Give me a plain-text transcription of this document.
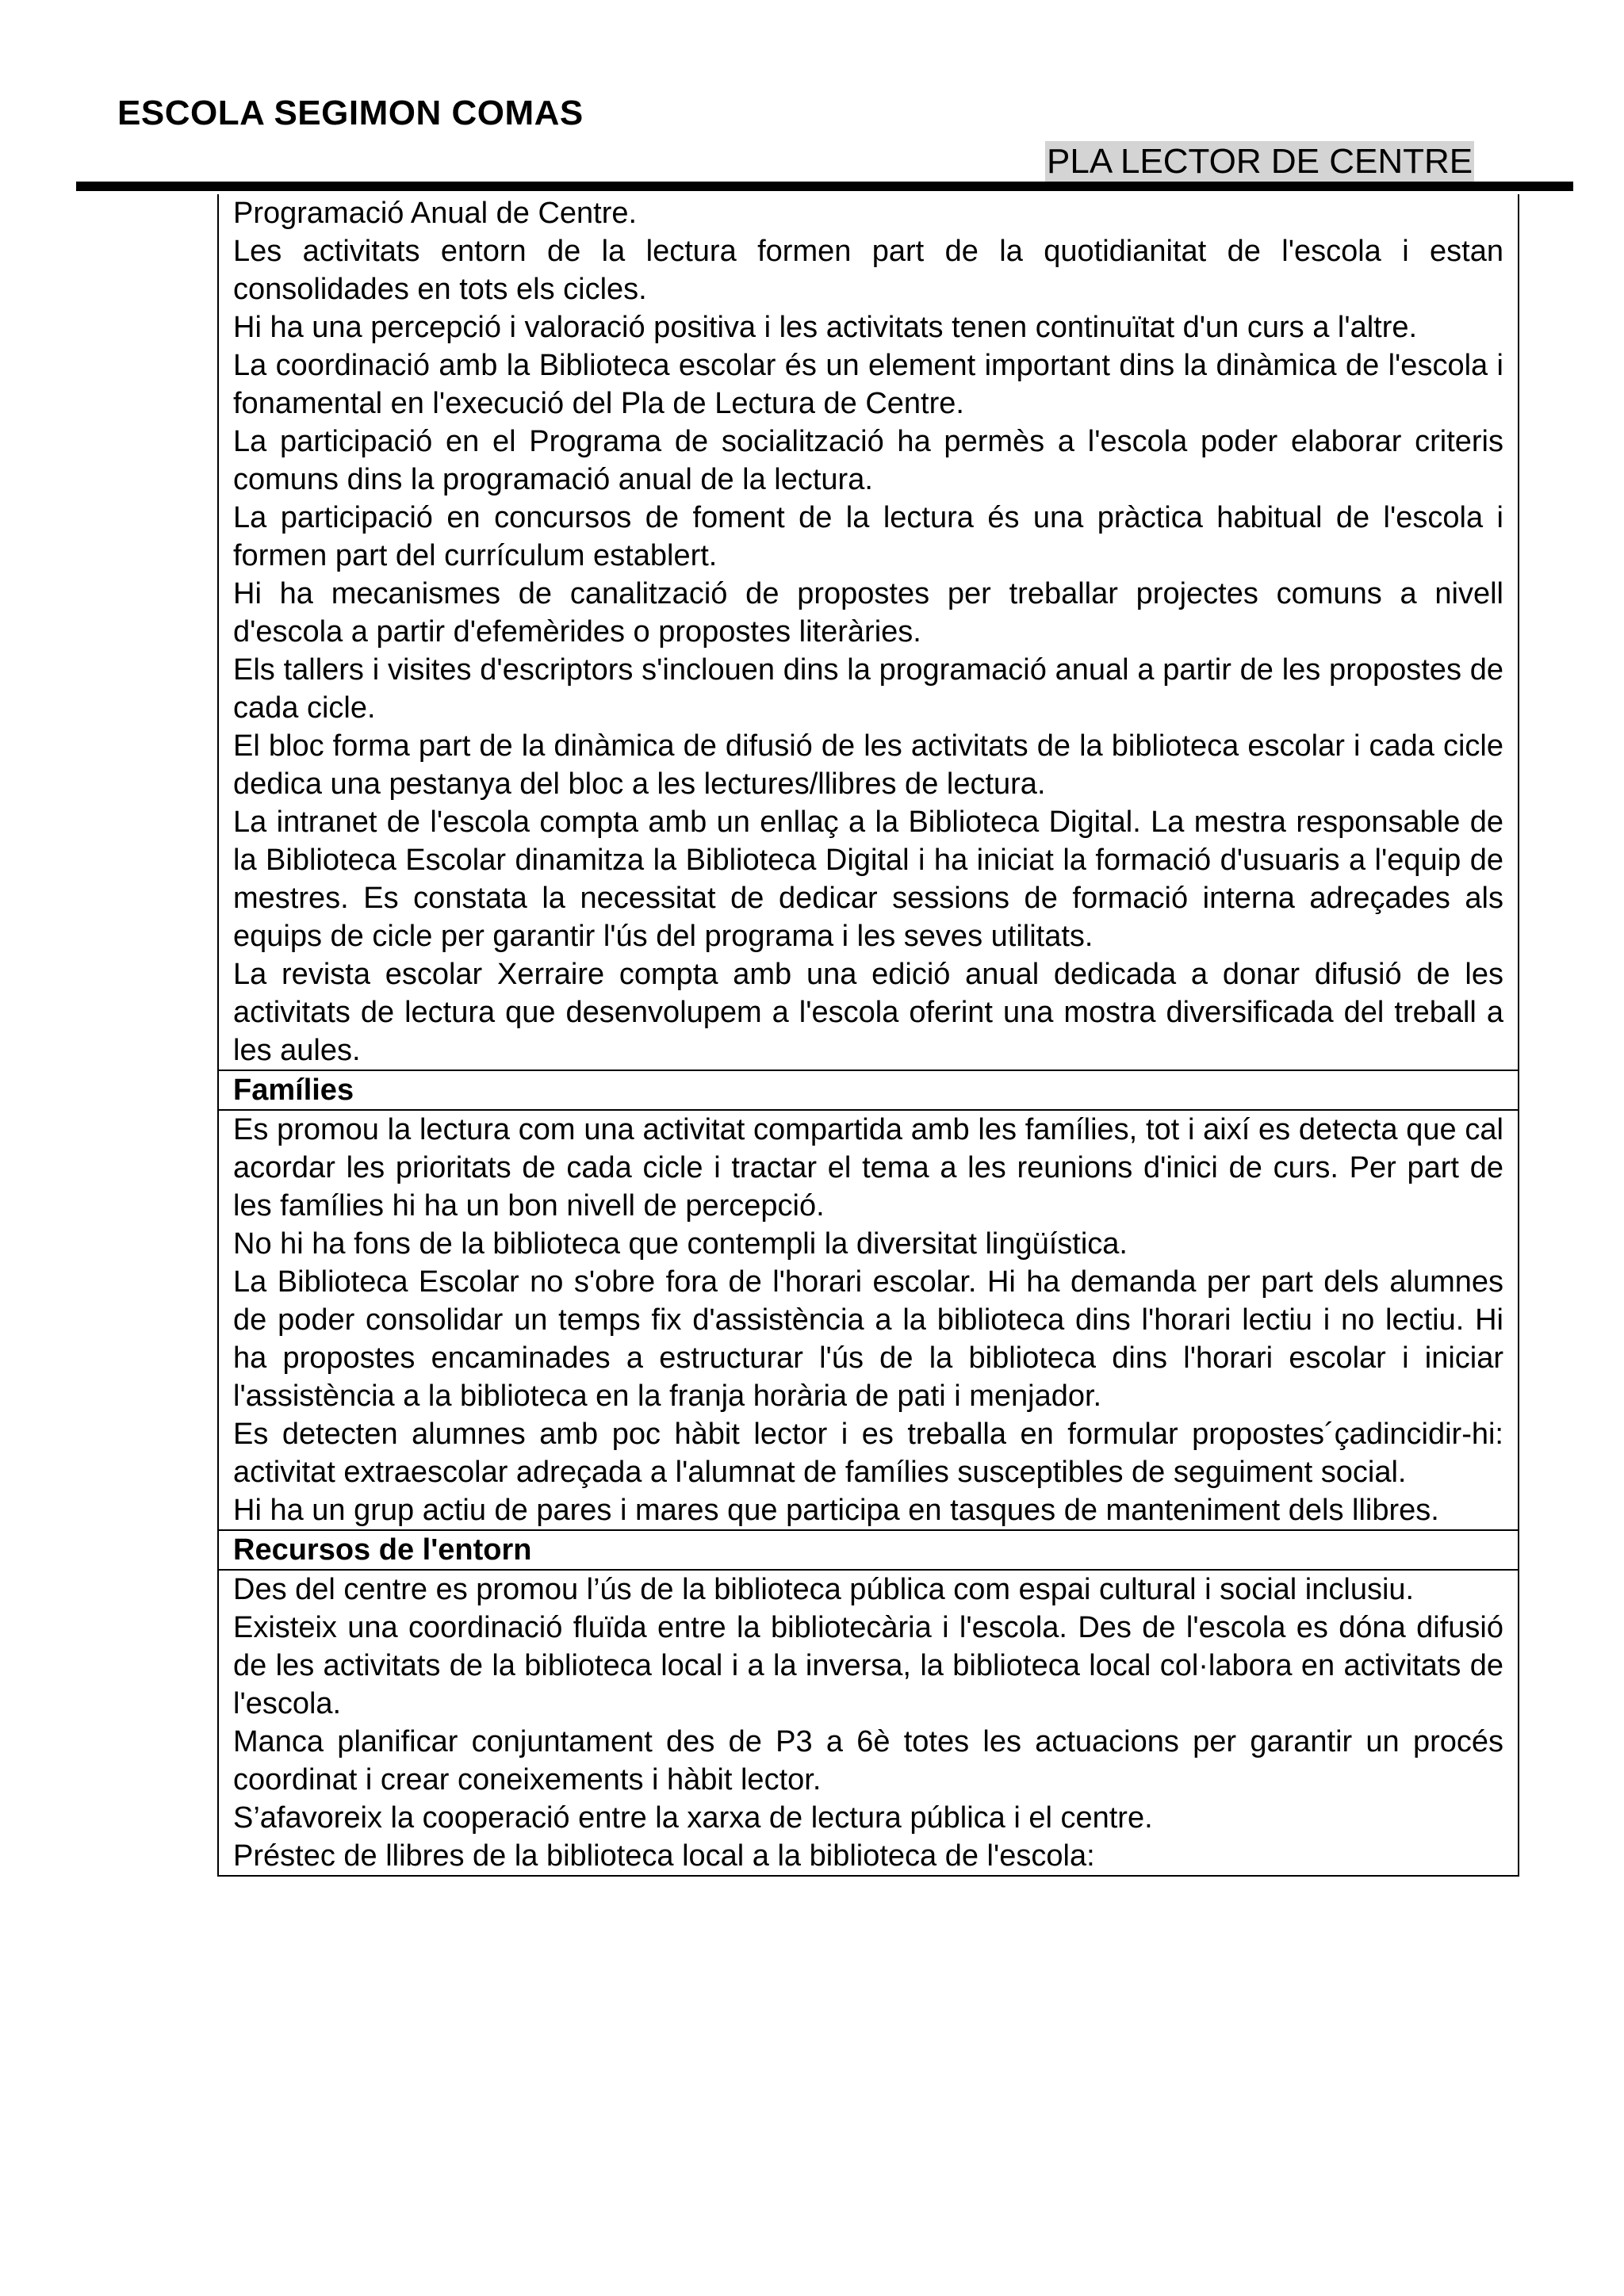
ESCOLA SEGIMON COMAS
PLA LECTOR DE CENTRE

Programació Anual de Centre.

Les activitats entorn de la lectura formen part de la quotidianitat de l'escola i estan consolidades en tots els cicles.

Hi ha una percepció i valoració positiva i les activitats tenen continuïtat d'un curs a l'altre.

La coordinació amb la Biblioteca escolar és un element important dins la dinàmica de l'escola i fonamental en l'execució del Pla de Lectura de Centre.

La participació en el Programa de socialització ha permès a l'escola poder elaborar criteris comuns dins la programació anual de la lectura.

La participació en concursos de foment de la lectura és una pràctica habitual de l'escola i formen part del currículum establert.

Hi ha mecanismes de canalització de propostes per treballar projectes comuns a nivell d'escola a partir d'efemèrides o propostes literàries.

Els tallers i visites d'escriptors s'inclouen dins la programació anual a partir de les propostes de cada cicle.

El bloc forma part de la dinàmica de difusió de les activitats de la biblioteca escolar i cada cicle dedica una pestanya del bloc a les lectures/llibres de lectura.

La intranet de l'escola compta amb un enllaç a la Biblioteca Digital. La mestra responsable de la Biblioteca Escolar dinamitza la Biblioteca Digital i ha iniciat la formació d'usuaris a l'equip de mestres. Es constata la necessitat de dedicar sessions de formació interna adreçades als equips de cicle per garantir l'ús del programa i les seves utilitats.

La revista escolar Xerraire compta amb una edició anual dedicada a donar difusió de les activitats de lectura que desenvolupem a l'escola oferint una mostra diversificada del treball a les aules.

Famílies

Es promou la lectura com una activitat compartida amb les famílies, tot i així es detecta que cal acordar les prioritats de cada cicle i tractar el tema a les reunions d'inici de curs. Per part de les famílies hi ha un bon nivell de percepció.

No hi ha fons de la biblioteca que contempli la diversitat lingüística.

La Biblioteca Escolar no s'obre fora de l'horari escolar. Hi ha demanda per part dels alumnes de poder consolidar un temps fix d'assistència a la biblioteca dins l'horari lectiu i no lectiu. Hi ha propostes encaminades a estructurar l'ús de la biblioteca dins l'horari escolar i iniciar l'assistència a la biblioteca en la franja horària de pati i menjador.

Es detecten alumnes amb poc hàbit lector i es treballa en formular propostes´çadincidir-hi: activitat extraescolar adreçada a l'alumnat de famílies susceptibles de seguiment social.

Hi ha un grup actiu de pares i mares que participa en tasques de manteniment dels llibres.

Recursos de l'entorn

Des del centre es promou l’ús de la biblioteca pública com espai cultural i social inclusiu.

Existeix una coordinació fluïda entre la bibliotecària i l'escola. Des de l'escola es dóna difusió de les activitats de la biblioteca local i a la inversa, la biblioteca local col·labora en activitats de l'escola.

Manca planificar conjuntament des de P3 a 6è totes les actuacions per garantir un procés coordinat i crear coneixements i hàbit lector.

S’afavoreix la cooperació entre la xarxa de lectura pública i el centre.

Préstec de llibres de la biblioteca local a la biblioteca de l'escola:
